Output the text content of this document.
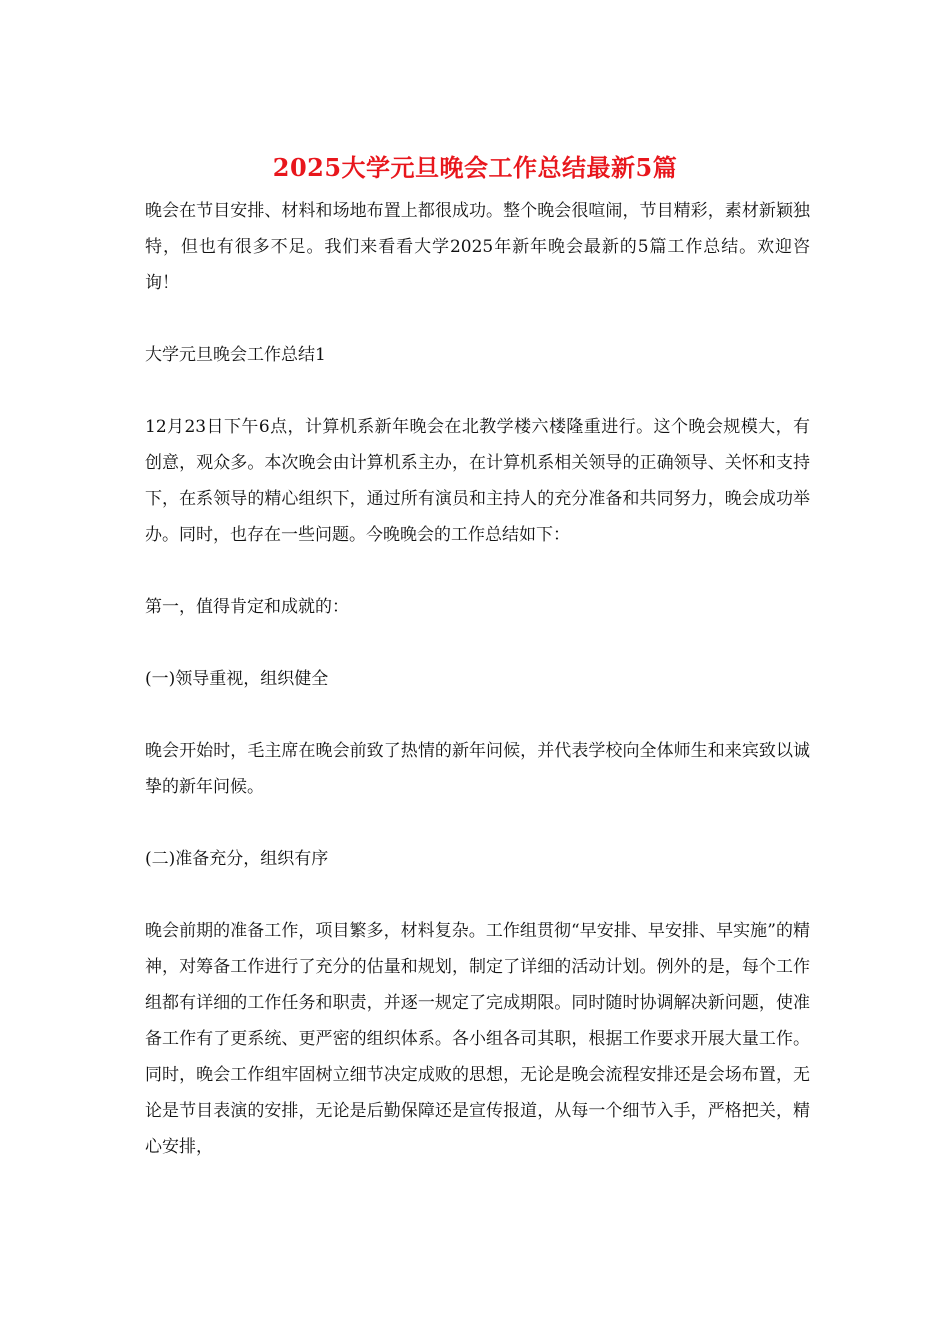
2025大学元旦晚会工作总结最新5篇

晚会在节目安排、材料和场地布置上都很成功。整个晚会很喧闹，节目精彩，素材新颖独特，但也有很多不足。我们来看看大学2025年新年晚会最新的5篇工作总结。欢迎咨询！

大学元旦晚会工作总结1

12月23日下午6点，计算机系新年晚会在北教学楼六楼隆重进行。这个晚会规模大，有创意，观众多。本次晚会由计算机系主办，在计算机系相关领导的正确领导、关怀和支持下，在系领导的精心组织下，通过所有演员和主持人的充分准备和共同努力，晚会成功举办。同时，也存在一些问题。今晚晚会的工作总结如下：

第一，值得肯定和成就的：

(一)领导重视，组织健全

晚会开始时，毛主席在晚会前致了热情的新年问候，并代表学校向全体师生和来宾致以诚挚的新年问候。

(二)准备充分，组织有序

晚会前期的准备工作，项目繁多，材料复杂。工作组贯彻“早安排、早安排、早实施”的精神，对筹备工作进行了充分的估量和规划，制定了详细的活动计划。例外的是，每个工作组都有详细的工作任务和职责，并逐一规定了完成期限。同时随时协调解决新问题，使准备工作有了更系统、更严密的组织体系。各小组各司其职，根据工作要求开展大量工作。同时，晚会工作组牢固树立细节决定成败的思想，无论是晚会流程安排还是会场布置，无论是节目表演的安排，无论是后勤保障还是宣传报道，从每一个细节入手，严格把关，精心安排，
